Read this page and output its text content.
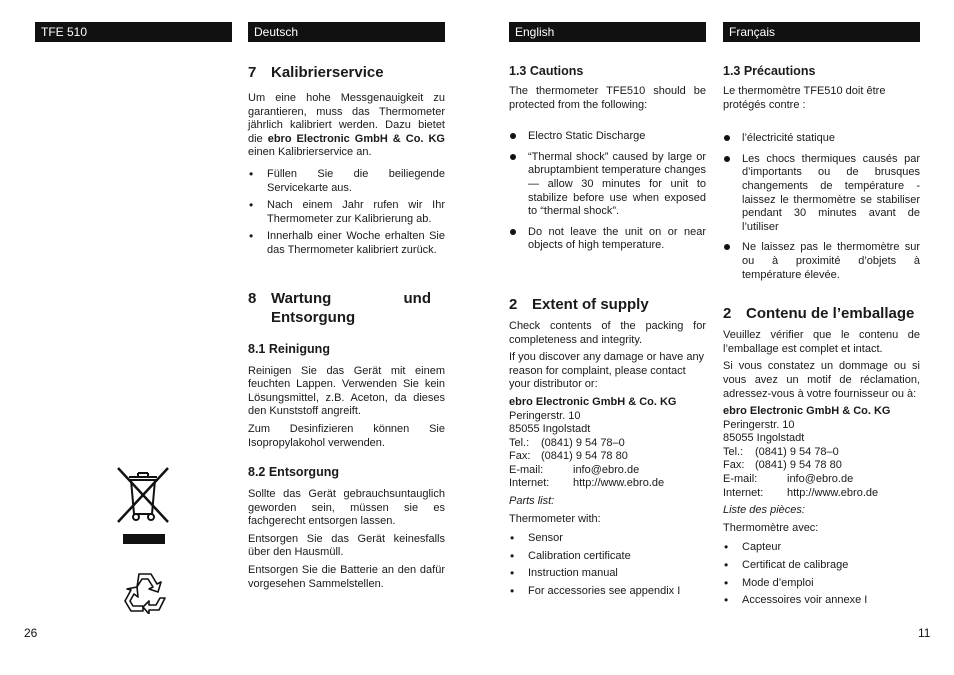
TFE 510	Deutsch	English	Français
7 Kalibrierservice

Um eine hohe Messgenauigkeit zu garantieren, muss das Thermometer jährlich kalibriert werden. Dazu bietet die ebro Electronic GmbH & Co. KG einen Kalibrierservice an.

• Füllen Sie die beiliegende Servicekarte aus.
• Nach einem Jahr rufen wir Ihr Thermometer zur Kalibrierung ab.
• Innerhalb einer Woche erhalten Sie das Thermometer kalibriert zurück.
8 Wartung und Entsorgung
8.1 Reinigung

Reinigen Sie das Gerät mit einem feuchten Lappen. Verwenden Sie kein Lösungsmittel, z.B. Aceton, da dieses den Kunststoff angreift.

Zum Desinfizieren können Sie Isopropylakohol verwenden.

8.2 Entsorgung

Sollte das Gerät gebrauchsuntauglich geworden sein, müssen sie es fachgerecht entsorgen lassen.

Entsorgen Sie das Gerät keinesfalls über den Hausmüll.

Entsorgen Sie die Batterie an den dafür vorgesehen Sammelstellen.

1.3 Cautions

The thermometer TFE510 should be protected from the following:

Electro Static Discharge
“Thermal shock” caused by large or abruptambient temperature changes — allow 30 minutes for unit to stabilize before use when exposed to “thermal shock”.
Do not leave the unit on or near objects of high temperature.
2 Extent of supply

Check contents of the packing for completeness and integrity.

If you discover any damage or have any reason for complaint, please contact your distributor or:

ebro Electronic GmbH & Co. KG
Peringerstr. 10
85055 Ingolstadt
Tel.:	(0841) 9 54 78–0
Fax: (0841) 9 54 78 80
E-mail:	info@ebro.de
Internet:	http://www.ebro.de

Parts list:

Thermometer with:

• Sensor
• Calibration certificate
• Instruction manual
• For accessories see appendix I
1.3 Précautions

Le thermomètre TFE510 doit être protégés contre :

l’électricité statique
Les chocs thermiques causés par d’importants ou de brusques changements de température - laissez le thermomètre se stabiliser pendant 30 minutes avant de l’utiliser
Ne laissez pas le thermomètre sur ou à proximité d’objets à température élevée.
2 Contenu de l’emballage

Veuillez vérifier que le contenu de l’emballage est complet et intact.

Si vous constatez un dommage ou si vous avez un motif de réclamation, adressez-vous à votre fournisseur ou à:

ebro Electronic GmbH & Co. KG
Peringerstr. 10
85055 Ingolstadt
Tel.:	(0841) 9 54 78–0
Fax: (0841) 9 54 78 80
E-mail:	info@ebro.de
Internet:	http://www.ebro.de

Liste des pièces:

Thermomètre avec:

• Capteur
• Certificat de calibrage
• Mode d’emploi
• Accessoires voir annexe I
26	11
